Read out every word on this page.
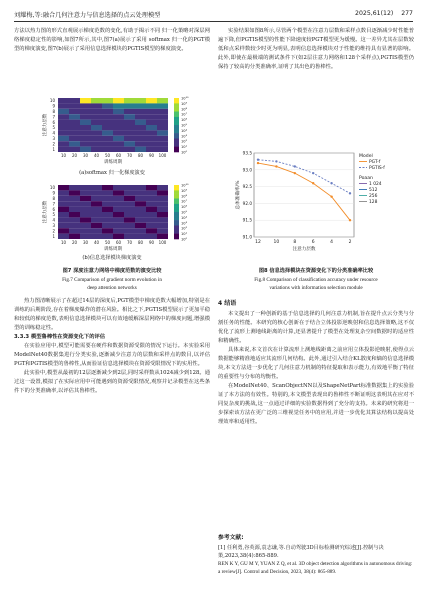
刘耀梅,等:融合几何注意力与信息选择的点云处理模型	2025,61(12) 277

方法以热力图的形式直观展示梯度范数的变化,有助于揭示不同 归一化策略对深层网络梯度稳定性的影响,如图7所示,其中,图7(a)展示了采用 softmax 归一化的PGT模型的梯度演变,图7(b)展示了采用信息选择模块的PGTIS模型的梯度演变。

10
9
8
7
6
5
4
3
2
1
10 20 30 40 50 60 70 80 90 100
注意力层数
训练周期
10¹⁰
10⁹
10⁸
10⁷
10⁶
10⁵
10⁴
10³
10²
10¹
10⁰
(a)softmax 归一化梯度演变
10
9
8
7
6
5
4
3
2
1
10 20 30 40 50 60 70 80 90 100
注意力层数
训练周期
10¹⁰
10⁹
10⁸
10⁷
10⁶
10⁵
10⁴
10³
10²
10¹
10⁰
(b)信息选择模块梯度演变
图7 深度注意力网络中梯度范数的演变比较
Fig.7 Comparison of gradient norm evolution in
deep attention networks

热力图清晰展示了在超过14层的深度后,PGT模型中梯度范数大幅增加,特别是在训练的后期阶段,存在着梯度爆炸的潜在风险。相比之下,PGTIS模型展示了更加平稳和较低的梯度范数,表明信息选择模块可以有效地缓解深层网络中的梯度问题,增强模型的训练稳定性。

3.3.3 模型鲁棒性在资源变化下的评估

在实验应用中,模型可能需要在硬件和数据资源受限的情况下运行。本实验采用ModelNet40数据集进行分类实验,逐渐减少注意力的层数和采样点的数目,以评估PGT和PGTIS模型的鲁棒性,从而验证信息选择模块在资源受限情况下的实用性。

此实验中,模型从最初的12层逐渐减少到2层,同时采样数从1024减少到128。通过这一设置,模拟了在实际应用中可能遇到的资源受限情况,观察并记录模型在这些条件下的分类准确率,以评估其鲁棒性。

实验结果如图8所示,尽管两个模型在注意力层数和采样点数目逐渐减少时性能普遍下降,但PGTIS模型的性能下降速度较PGT模型更为缓慢。这一差异尤其在层数较低和点采样数较少时更为明显,表明信息选择模块对于性能的维持具有显著的影响。此外,即使在最极端的测试条件下(如2层注意力网络和128个采样点),PGTIS模型仍保持了较高的分类准确率,证明了其出色的鲁棒性。

93.5
93.0
92.5
92.0
91.5
91.0
12	10	8	6	4	2
总体准确率/%
注意力层数
Model
PGT-f
PGTIS-f
Poaan
1 024
512
256
128
图8 信息选择模块在资源变化下的分类准确率比较
Fig.8 Comparison of classification accuracy under resource
variations with information selection module
4 结语

本文提出了一种创新的基于信息选择的几何注意力机制,旨在提升点云分类与分割任务的性能。本研究的核心创新在于结合立体投影逆映射和信息选择策略,这不仅优化了流形上测地线距离的计算,还显著提升了模型在处理复杂空间数据时的适应性和精确性。

具体来说,本文首次在计算流形上测地线距离之前应用立体投影逆映射,使得点云数据能够精准地适应其流形几何结构。此外,通过引入结合KL散度和熵的信息选择模块,本文方法进一步优化了几何注意力机制的特征提取和表示能力,有效地平衡了特征的重要性与分布的均衡性。

在ModelNet40、ScanObjectNN以及ShapeNetPart标准数据集上的实验验证了本方法的有效性。特别的,本文模型表现出的鲁棒性不断证明这表明其在应对不同复杂度的挑战,这一点通过详细的实验数据得到了充分的支持。未来的研究将进一步探索该方法在更广泛的三维视觉任务中的应用,并进一步优化其算法结构以提高处理效率和适用性。

参考文献:
[1] 任利勇,谷英源,袁志谦,等.自动驾驶3D目标检测研究综述[J].控制与决策,2023,38(4):865-889.
REN K Y, GU M Y, YUAN Z Q, et al. 3D object detection algorithms in autonomous driving: a review[J]. Control and Decision, 2023, 38(4): 865-889.
